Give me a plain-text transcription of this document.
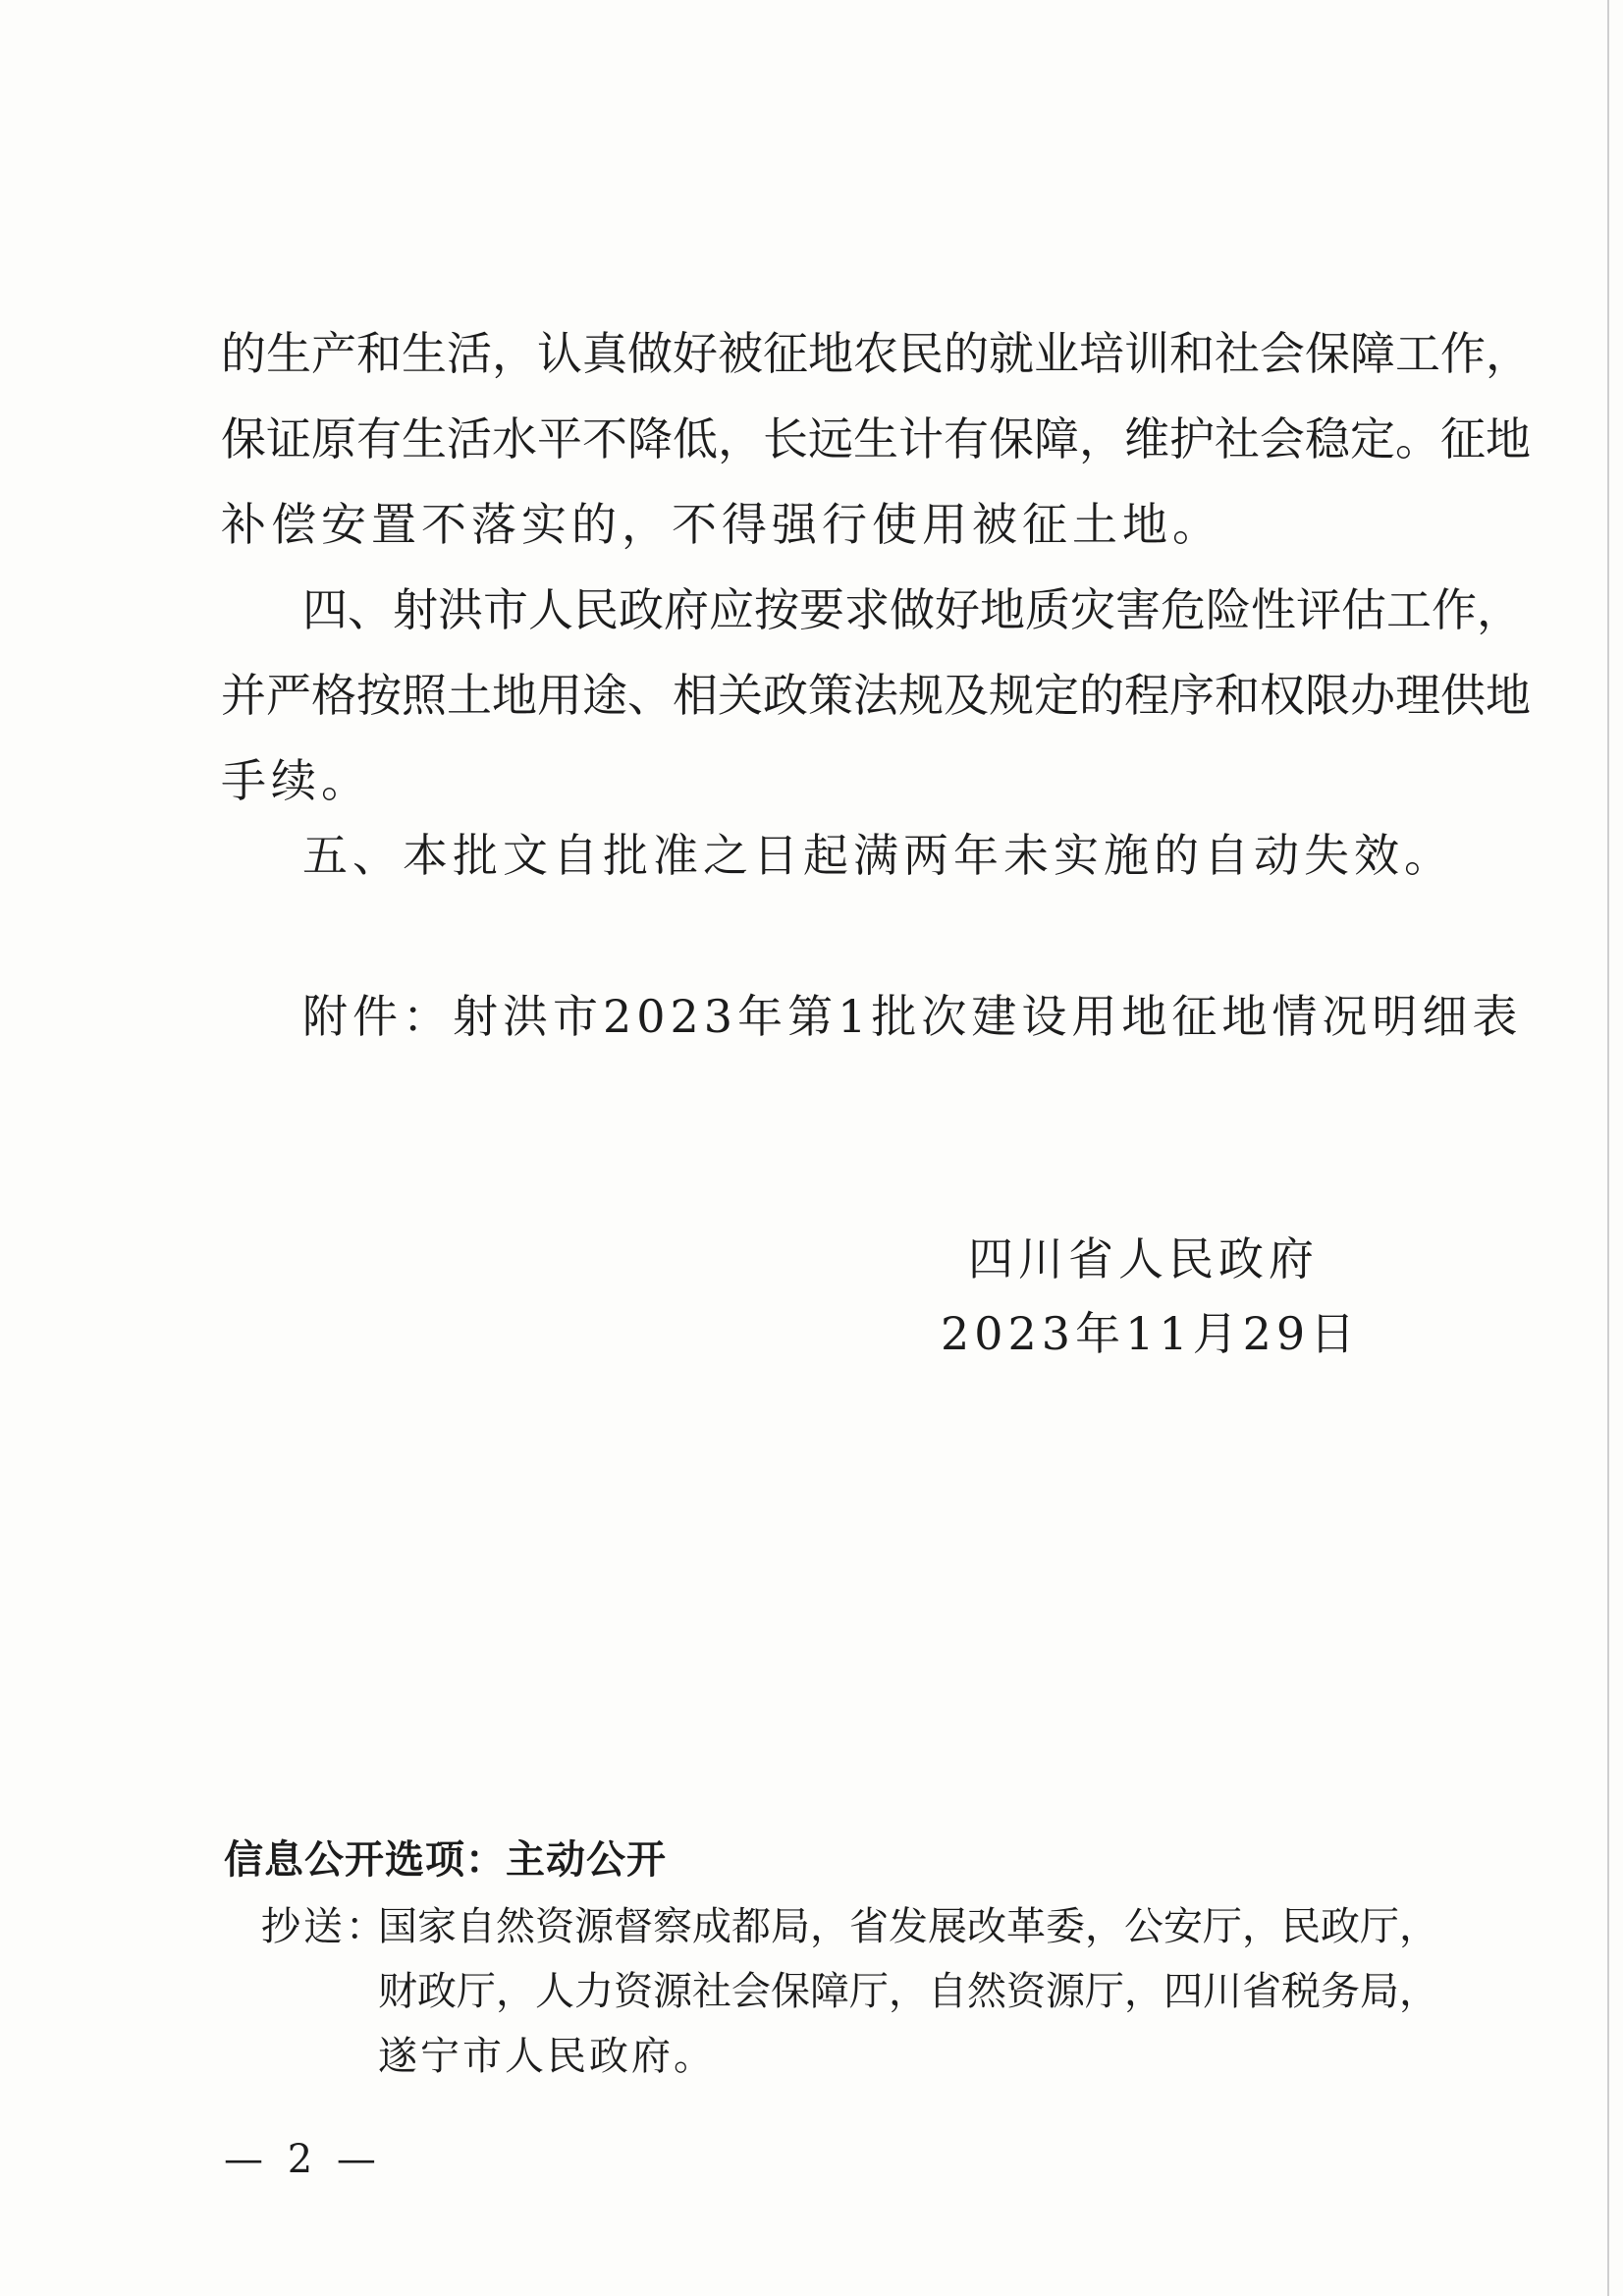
的生产和生活，认真做好被征地农民的就业培训和社会保障工作，
保证原有生活水平不降低，长远生计有保障，维护社会稳定。征地
补偿安置不落实的，不得强行使用被征土地。
四、射洪市人民政府应按要求做好地质灾害危险性评估工作，
并严格按照土地用途、相关政策法规及规定的程序和权限办理供地
手续。
五、本批文自批准之日起满两年未实施的自动失效。
附件：射洪市2023年第1批次建设用地征地情况明细表
四川省人民政府
2023年11月29日
信息公开选项：主动公开
抄送：
国家自然资源督察成都局，省发展改革委，公安厅，民政厅，
财政厅，人力资源社会保障厅，自然资源厅，四川省税务局，
遂宁市人民政府。
— 2 —
